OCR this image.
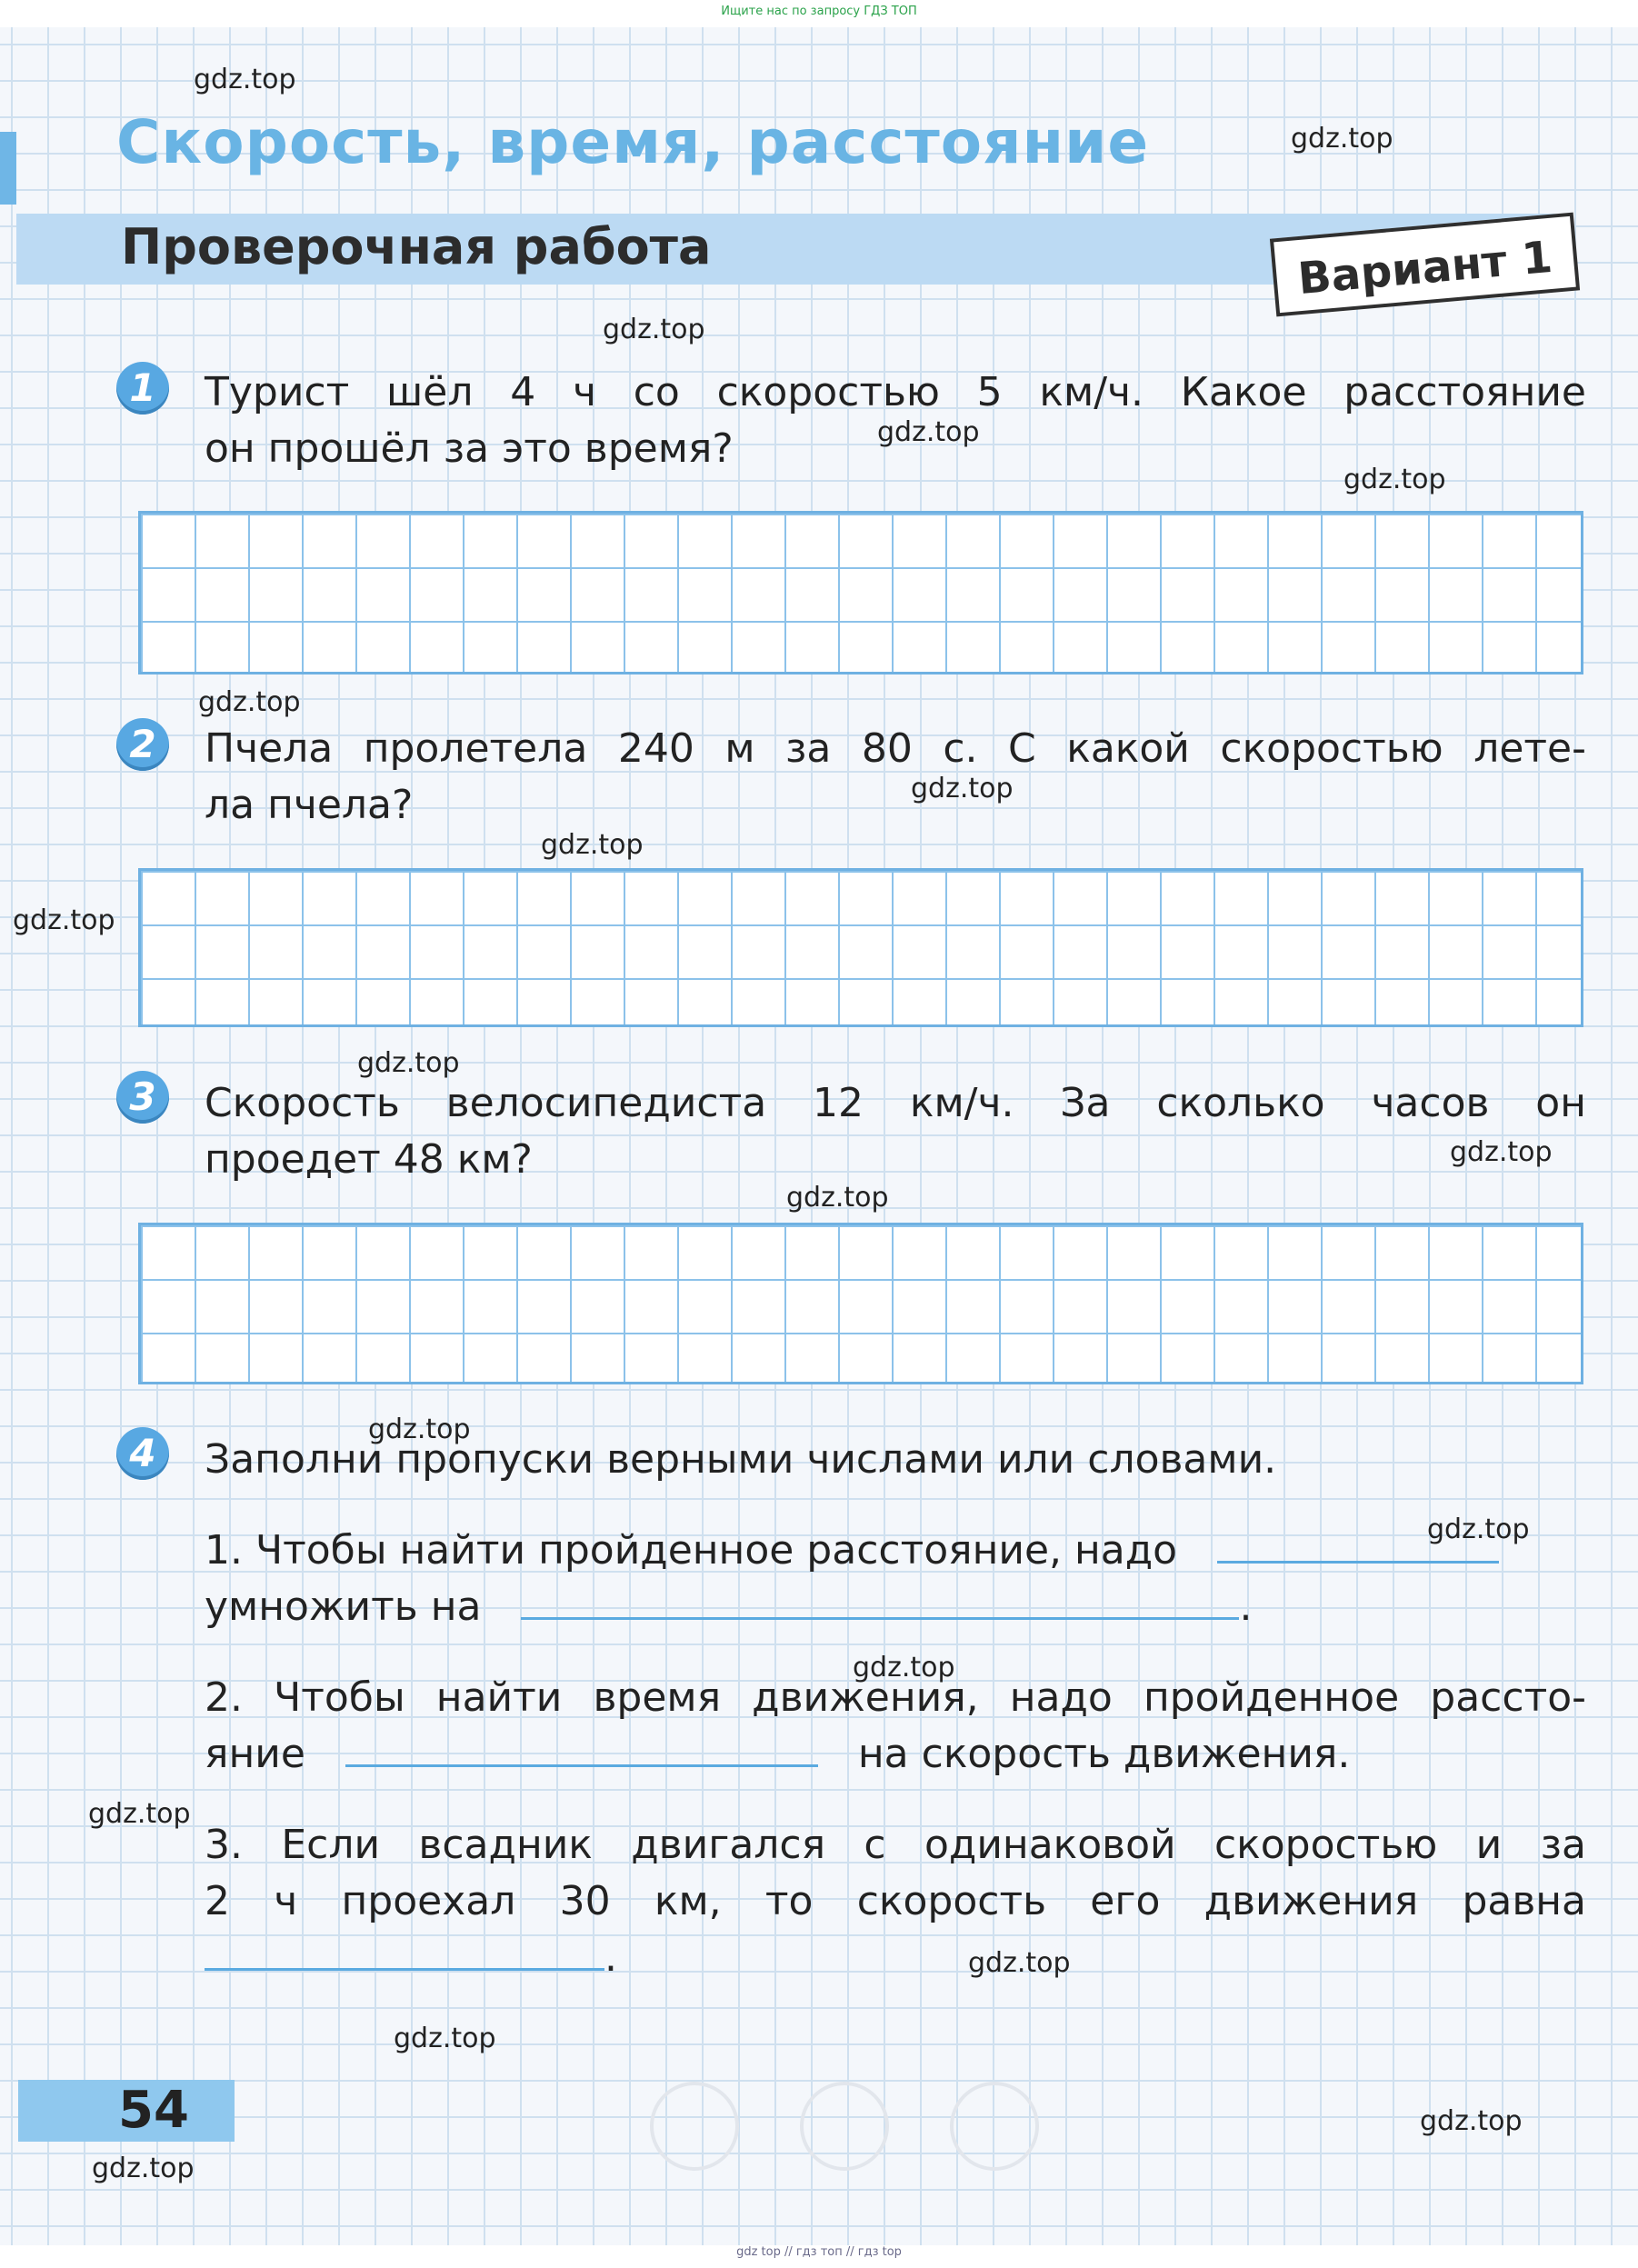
Ищите нас по запросу ГДЗ ТОП
Скорость, время, расстояние
Проверочная работа	Вариант 1
1	Турист шёл 4 ч со скоростью 5 км/ч. Какое расстояние
он прошёл за это время?
2	Пчела пролетела 240 м за 80 с. С какой скоростью лете-
ла пчела?
3	Скорость велосипедиста 12 км/ч. За сколько часов он
проедет 48 км?
4	Заполни пропуски верными числами или словами.
1. Чтобы найти пройденное расстояние, надо
умножить на	.
2. Чтобы найти время движения, надо пройденное рассто-
яние	на скорость движения.
3. Если всадник двигался с одинаковой скоростью и за
2 ч проехал 30 км, то скорость его движения равна
.
54
gdz.top
gdz.top
gdz.top
gdz.top
gdz.top
gdz.top
gdz.top
gdz.top
gdz.top
gdz.top
gdz.top
gdz.top
gdz.top
gdz.top
gdz.top
gdz.top
gdz.top
gdz.top
gdz.top
gdz.top
gdz top // гдз топ // гдз top
